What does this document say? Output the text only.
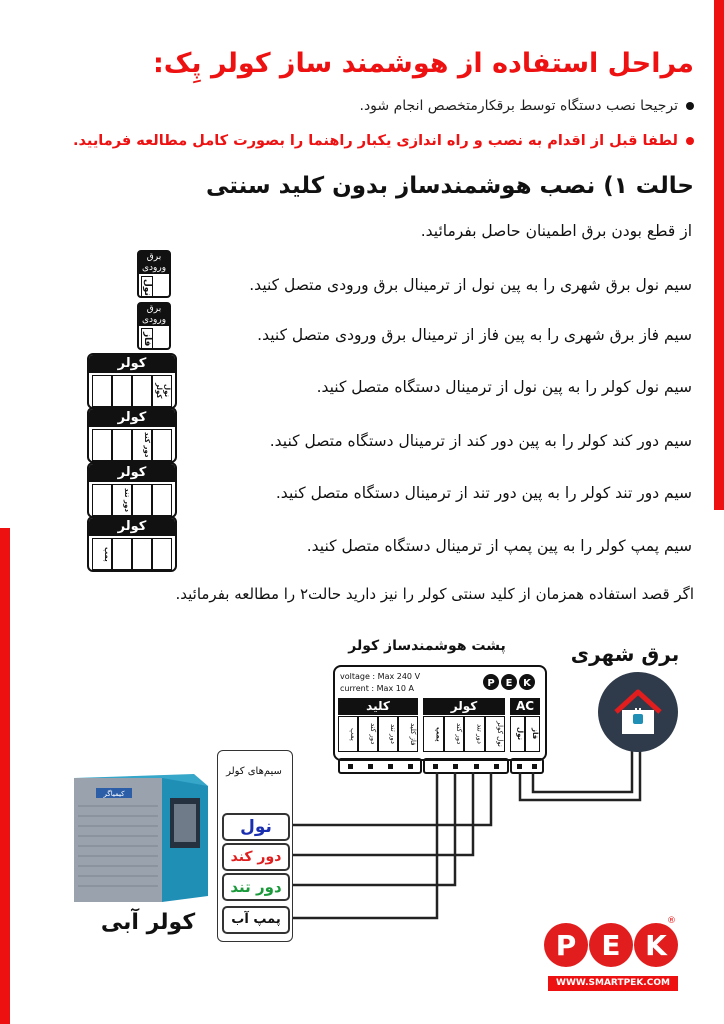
مراحل استفاده از هوشمند ساز کولر پِک:
ترجیحا نصب دستگاه توسط برقکارمتخصص انجام شود.
لطفا قبل از اقدام به نصب و راه اندازی یکبار راهنما را بصورت کامل مطالعه فرمایید.
حالت ۱) نصب هوشمندساز بدون کلید سنتی
از قطع بودن برق اطمینان حاصل بفرمائید.
سیم نول برق شهری را به پین نول از ترمینال برق ورودی متصل کنید.
سیم فاز برق شهری را به پین فاز از ترمینال برق ورودی متصل کنید.
سیم نول کولر را به پین نول از ترمینال دستگاه متصل کنید.
سیم دور کند کولر را به پین دور کند از ترمینال دستگاه متصل کنید.
سیم دور تند کولر را به پین دور تند از ترمینال دستگاه متصل کنید.
سیم پمپ کولر را به پین پمپ از ترمینال دستگاه متصل کنید.
برق ورودی
نول
برق ورودی
فاز
کولر
نول کولر
کولر
دور کند
کولر
دور تند
کولر
پمپ
اگر قصد استفاده همزمان از کلید سنتی کولر را نیز دارید حالت۲ را مطالعه بفرمائید.
پشت هوشمندساز کولر	برق شهری
voltage : Max 240 V
current : Max 10 A	P E K
کلید
پمپ	دور کند	دور تند	فاز کلید
کولر
پمپ	دور کند	دور تند	نول کولر
AC
نول	فاز
سیم‌های کولر
نول
دور کند
دور تند
پمپ آب
کیمیاگر
کولر آبی
P E K
®
WWW.SMARTPEK.COM
